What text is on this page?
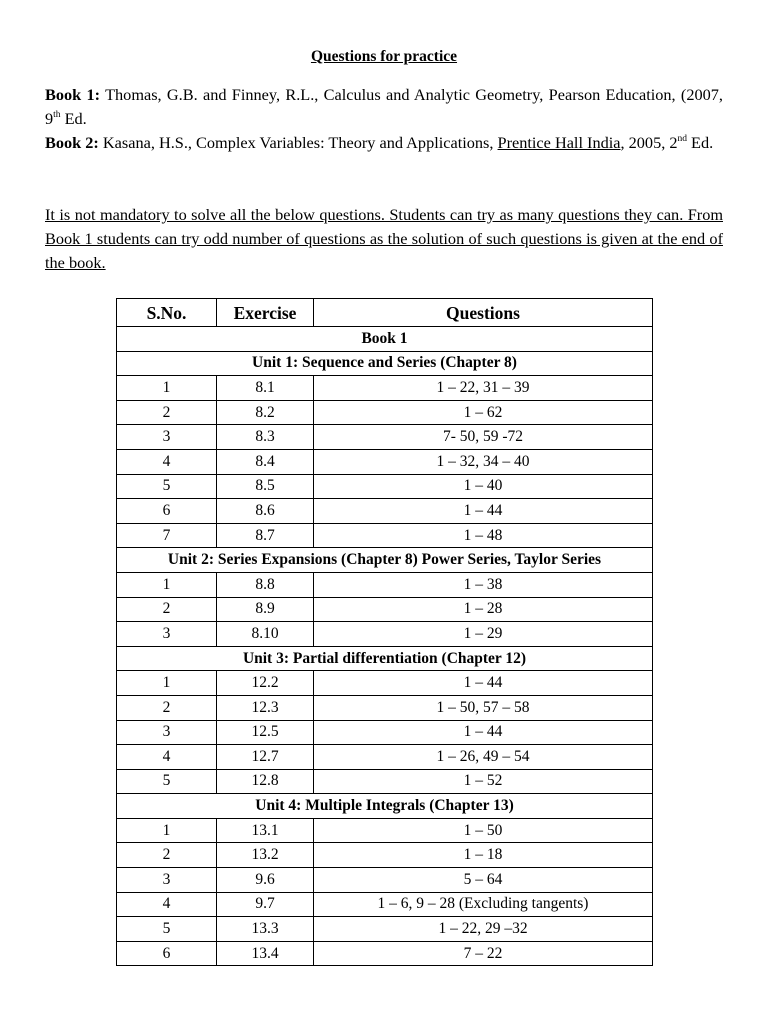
Questions for practice
Book 1: Thomas, G.B. and Finney, R.L., Calculus and Analytic Geometry, Pearson Education, (2007, 9th Ed.
Book 2: Kasana, H.S., Complex Variables: Theory and Applications, Prentice Hall India, 2005, 2nd Ed.
It is not mandatory to solve all the below questions. Students can try as many questions they can. From Book 1 students can try odd number of questions as the solution of such questions is given at the end of the book.
S.No.	Exercise	Questions
Book 1		
Unit 1: Sequence and Series (Chapter 8)		
1	8.1	1 – 22, 31 – 39
2	8.2	1 – 62
3	8.3	7- 50, 59 -72
4	8.4	1 – 32, 34 – 40
5	8.5	1 – 40
6	8.6	1 – 44
7	8.7	1 – 48
Unit 2: Series Expansions (Chapter 8) Power Series, Taylor Series		
1	8.8	1 – 38
2	8.9	1 – 28
3	8.10	1 – 29
Unit 3: Partial differentiation (Chapter 12)		
1	12.2	1 – 44
2	12.3	1 – 50, 57 – 58
3	12.5	1 – 44
4	12.7	1 – 26, 49 – 54
5	12.8	1 – 52
Unit 4: Multiple Integrals (Chapter 13)		
1	13.1	1 – 50
2	13.2	1 – 18
3	9.6	5 – 64
4	9.7	1 – 6, 9 – 28 (Excluding tangents)
5	13.3	1 – 22, 29 –32
6	13.4	7 – 22
